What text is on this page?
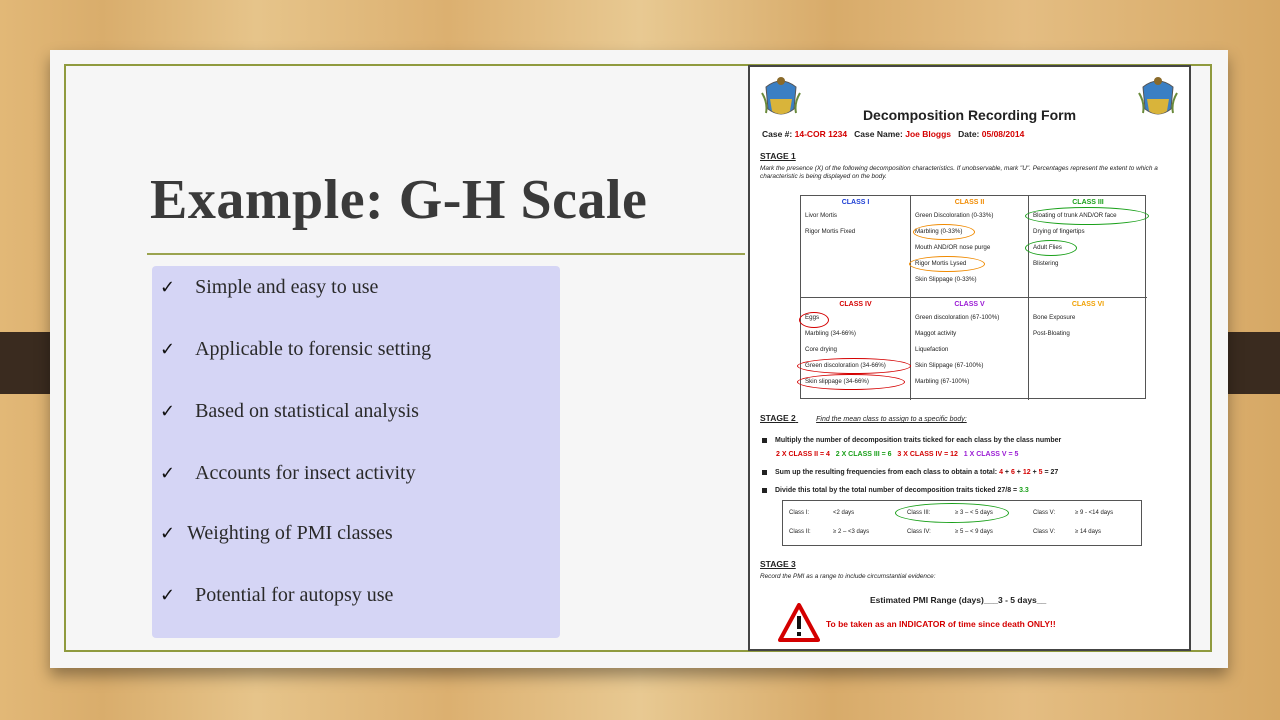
Example: G-H Scale
✓ Simple and easy to use
✓ Applicable to forensic setting
✓ Based on statistical analysis
✓ Accounts for insect activity
✓ Weighting of PMI classes
✓ Potential for autopsy use
Decomposition Recording Form
Case #: 14-COR 1234 Case Name: Joe Bloggs Date: 05/08/2014
STAGE 1
Mark the presence (X) of the following decomposition characteristics. If unobservable, mark "U". Percentages represent the extent to which a characteristic is being displayed on the body.
CLASS I
Livor Mortis
Rigor Mortis Fixed
CLASS II
Green Discoloration (0-33%)
Marbling (0-33%)
Mouth AND/OR nose purge
Rigor Mortis Lysed
Skin Slippage (0-33%)
CLASS III
Bloating of trunk AND/OR face
Drying of fingertips
Adult Flies
Blistering
CLASS IV
Eggs
Marbling (34-66%)
Core drying
Green discoloration (34-66%)
Skin slippage (34-66%)
CLASS V
Green discoloration (67-100%)
Maggot activity
Liquefaction
Skin Slippage (67-100%)
Marbling (67-100%)
CLASS VI
Bone Exposure
Post-Bloating
STAGE 2	Find the mean class to assign to a specific body:
Multiply the number of decomposition traits ticked for each class by the class number
2 X CLASS II = 4 2 X CLASS III = 6 3 X CLASS IV = 12 1 X CLASS V = 5
Sum up the resulting frequencies from each class to obtain a total: 4 + 6 + 12 + 5 = 27
Divide this total by the total number of decomposition traits ticked 27/8 = 3.3
Class I:	<2 days	Class III:	≥ 3 – < 5 days	Class V:	≥ 9 - <14 days
Class II:	≥ 2 – <3 days	Class IV:	≥ 5 – < 9 days	Class V:	≥ 14 days
STAGE 3
Record the PMI as a range to include circumstantial evidence:
Estimated PMI Range (days)___3 - 5 days__
To be taken as an INDICATOR of time since death ONLY!!
